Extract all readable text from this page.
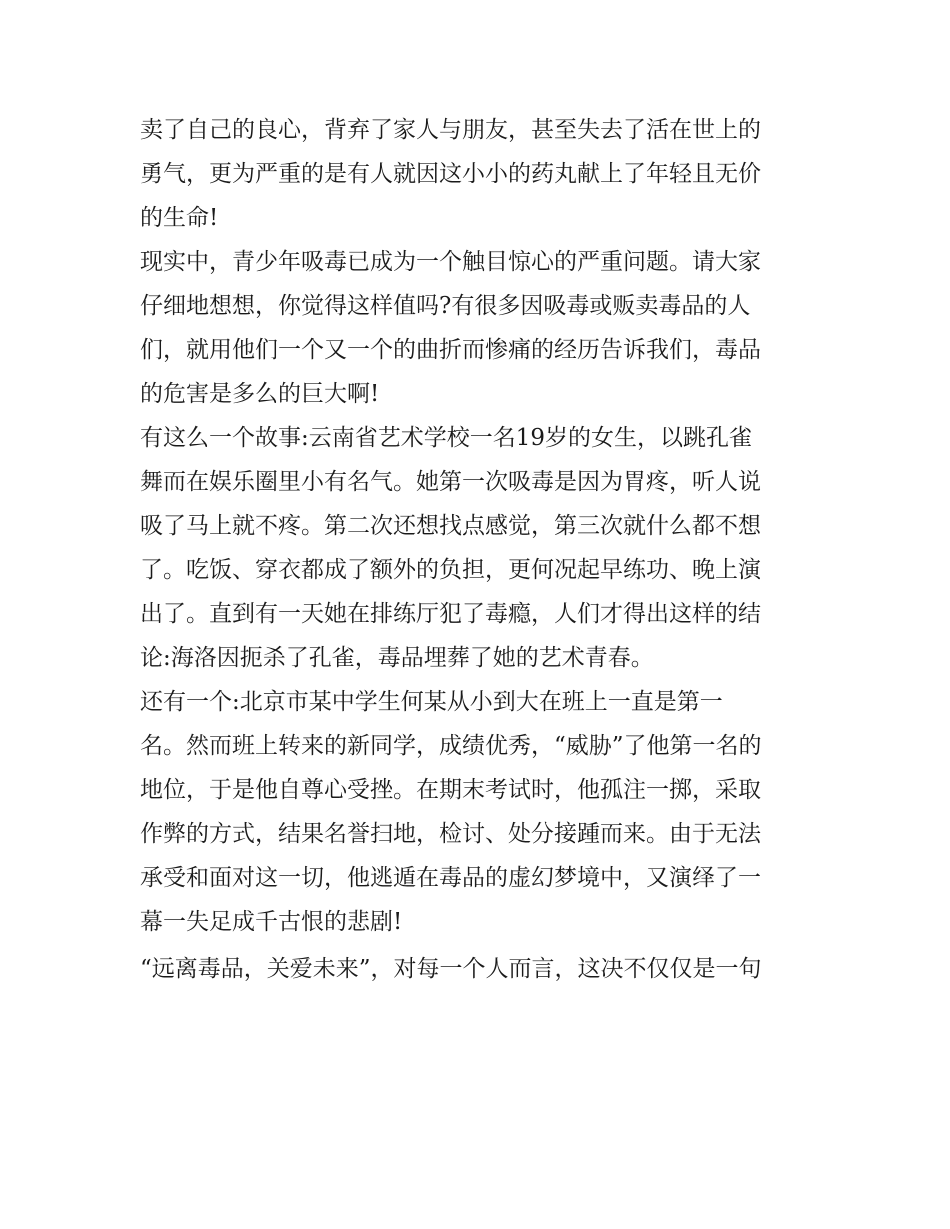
卖了自己的良心，背弃了家人与朋友，甚至失去了活在世上的

勇气，更为严重的是有人就因这小小的药丸献上了年轻且无价

的生命!

现实中，青少年吸毒已成为一个触目惊心的严重问题。请大家

仔细地想想，你觉得这样值吗?有很多因吸毒或贩卖毒品的人

们，就用他们一个又一个的曲折而惨痛的经历告诉我们，毒品

的危害是多么的巨大啊!

有这么一个故事:云南省艺术学校一名19岁的女生，以跳孔雀

舞而在娱乐圈里小有名气。她第一次吸毒是因为胃疼，听人说

吸了马上就不疼。第二次还想找点感觉，第三次就什么都不想

了。吃饭、穿衣都成了额外的负担，更何况起早练功、晚上演

出了。直到有一天她在排练厅犯了毒瘾，人们才得出这样的结

论:海洛因扼杀了孔雀，毒品埋葬了她的艺术青春。

还有一个:北京市某中学生何某从小到大在班上一直是第一

名。然而班上转来的新同学，成绩优秀，“威胁”了他第一名的

地位，于是他自尊心受挫。在期末考试时，他孤注一掷，采取

作弊的方式，结果名誉扫地，检讨、处分接踵而来。由于无法

承受和面对这一切，他逃遁在毒品的虚幻梦境中，又演绎了一

幕一失足成千古恨的悲剧!

“远离毒品，关爱未来”，对每一个人而言，这决不仅仅是一句
